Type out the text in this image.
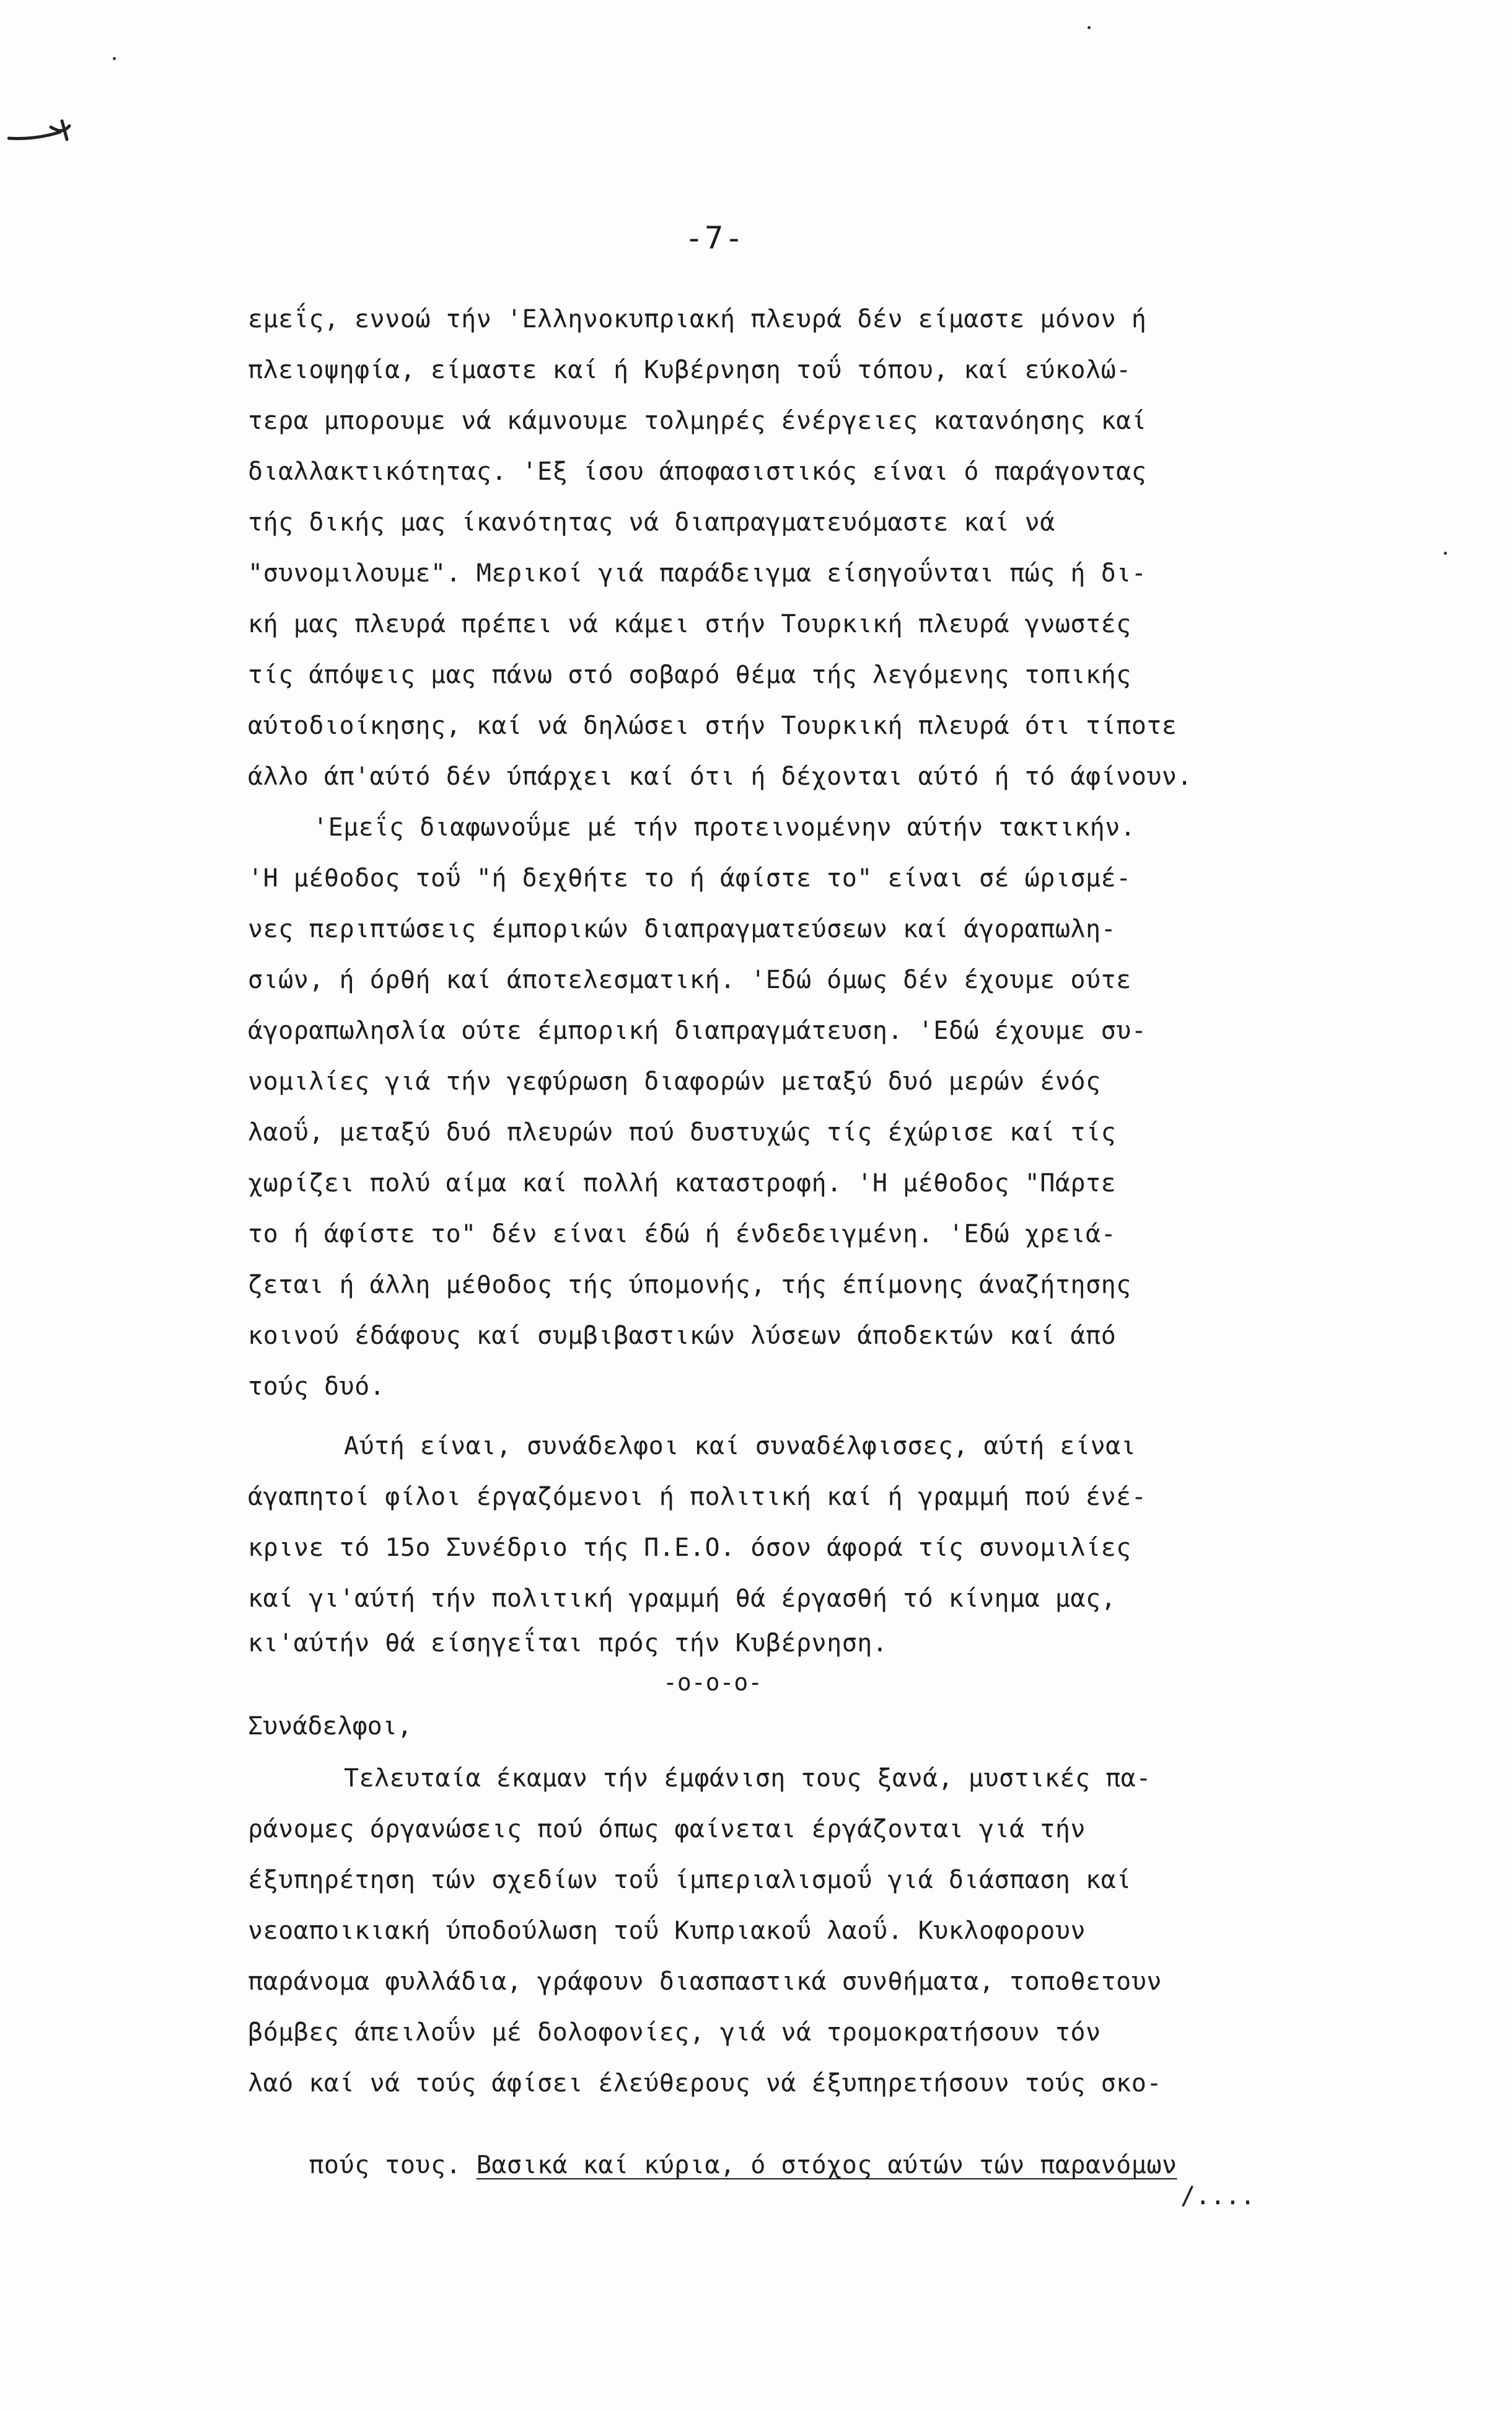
-7-
εμεΐς, εννοώ τήν 'Ελληνοκυπριακή πλευρά δέν είμαστε μόνον ή
πλειοψηφία, είμαστε καί ή Κυβέρνηση τοΰ τόπου, καί εύκολώ-
τερα μπορουμε νά κάμνουμε τολμηρές ένέργειες κατανόησης καί
διαλλακτικότητας. 'Εξ ίσου άποφασιστικός είναι ό παράγοντας
τής δικής μας ίκανότητας νά διαπραγματευόμαστε καί νά
"συνομιλουμε". Μερικοί γιά παράδειγμα είσηγοΰνται πώς ή δι-
κή μας πλευρά πρέπει νά κάμει στήν Τουρκική πλευρά γνωστές
τίς άπόψεις μας πάνω στό σοβαρό θέμα τής λεγόμενης τοπικής
αύτοδιοίκησης, καί νά δηλώσει στήν Τουρκική πλευρά ότι τίποτε
άλλο άπ'αύτό δέν ύπάρχει καί ότι ή δέχονται αύτό ή τό άφίνουν.
'Εμεΐς διαφωνοΰμε μέ τήν προτεινομένην αύτήν τακτικήν.
'Η μέθοδος τοΰ "ή δεχθήτε το ή άφίστε το" είναι σέ ώρισμέ-
νες περιπτώσεις έμπορικών διαπραγματεύσεων καί άγοραπωλη-
σιών, ή όρθή καί άποτελεσματική. 'Εδώ όμως δέν έχουμε ούτε
άγοραπωλησλία ούτε έμπορική διαπραγμάτευση. 'Εδώ έχουμε συ-
νομιλίες γιά τήν γεφύρωση διαφορών μεταξύ δυό μερών ένός
λαοΰ, μεταξύ δυό πλευρών πού δυστυχώς τίς έχώρισε καί τίς
χωρίζει πολύ αίμα καί πολλή καταστροφή. 'Η μέθοδος "Πάρτε
το ή άφίστε το" δέν είναι έδώ ή ένδεδειγμένη. 'Εδώ χρειά-
ζεται ή άλλη μέθοδος τής ύπομονής, τής έπίμονης άναζήτησης
κοινού έδάφους καί συμβιβαστικών λύσεων άποδεκτών καί άπό
τούς δυό.
Αύτή είναι, συνάδελφοι καί συναδέλφισσες, αύτή είναι
άγαπητοί φίλοι έργαζόμενοι ή πολιτική καί ή γραμμή πού ένέ-
κρινε τό 15ο Συνέδριο τής Π.Ε.Ο. όσον άφορά τίς συνομιλίες
καί γι'αύτή τήν πολιτική γραμμή θά έργασθή τό κίνημα μας,
κι'αύτήν θά είσηγεΐται πρός τήν Κυβέρνηση.
-ο-ο-ο-
Συνάδελφοι,
Τελευταία έκαμαν τήν έμφάνιση τους ξανά, μυστικές πα-
ράνομες όργανώσεις πού όπως φαίνεται έργάζονται γιά τήν
έξυπηρέτηση τών σχεδίων τοΰ ίμπεριαλισμοΰ γιά διάσπαση καί
νεοαποικιακή ύποδούλωση τοΰ Κυπριακοΰ λαοΰ. Κυκλοφορουν
παράνομα φυλλάδια, γράφουν διασπαστικά συνθήματα, τοποθετουν
βόμβες άπειλοΰν μέ δολοφονίες, γιά νά τρομοκρατήσουν τόν
λαό καί νά τούς άφίσει έλεύθερους νά έξυπηρετήσουν τούς σκο-

πούς τους. Βασικά καί κύρια, ό στόχος αύτών τών παρανόμων

/....
